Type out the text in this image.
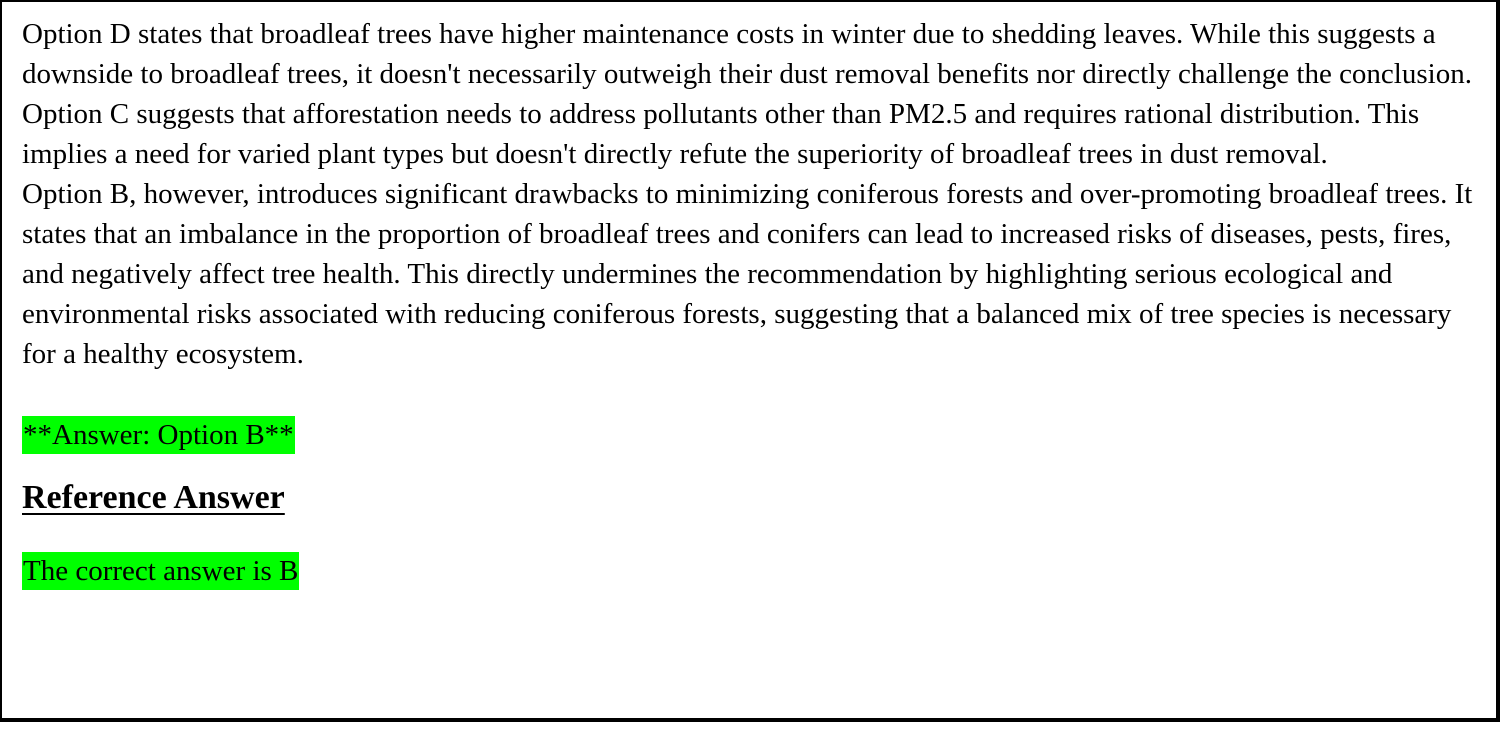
Option D states that broadleaf trees have higher maintenance costs in winter due to shedding leaves. While this suggests a downside to broadleaf trees, it doesn't necessarily outweigh their dust removal benefits nor directly challenge the conclusion.

Option C suggests that afforestation needs to address pollutants other than PM2.5 and requires rational distribution. This implies a need for varied plant types but doesn't directly refute the superiority of broadleaf trees in dust removal.

Option B, however, introduces significant drawbacks to minimizing coniferous forests and over-promoting broadleaf trees. It states that an imbalance in the proportion of broadleaf trees and conifers can lead to increased risks of diseases, pests, fires, and negatively affect tree health. This directly undermines the recommendation by highlighting serious ecological and environmental risks associated with reducing coniferous forests, suggesting that a balanced mix of tree species is necessary for a healthy ecosystem.

**Answer: Option B**

Reference Answer

The correct answer is B
